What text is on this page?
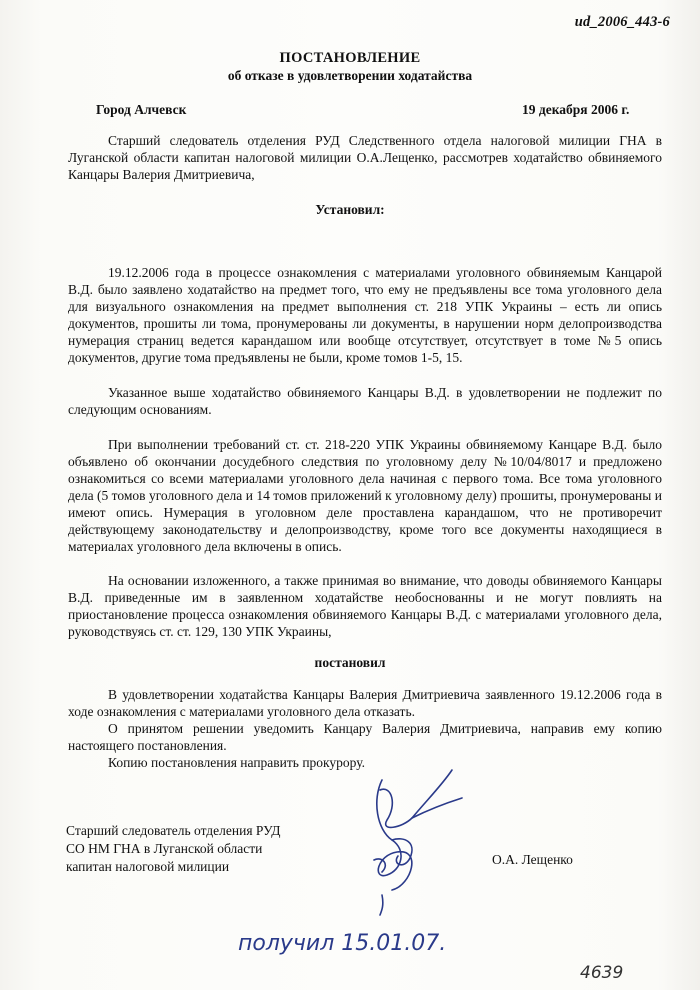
ud_2006_443-6
ПОСТАНОВЛЕНИЕ
об отказе в удовлетворении ходатайства
Город Алчевск	19 декабря 2006 г.
Старший следователь отделения РУД Следственного отдела налоговой милиции ГНА в Луганской области капитан налоговой милиции О.А.Лещенко, рассмотрев ходатайство обвиняемого Канцары Валерия Дмитриевича,
Установил:
19.12.2006 года в процессе ознакомления с материалами уголовного обвиняемым Канцарой В.Д. было заявлено ходатайство на предмет того, что ему не предъявлены все тома уголовного дела для визуального ознакомления на предмет выполнения ст. 218 УПК Украины – есть ли опись документов, прошиты ли тома, пронумерованы ли документы, в нарушении норм делопроизводства нумерация страниц ведется карандашом или вообще отсутствует, отсутствует в томе №5 опись документов, другие тома предъявлены не были, кроме томов 1-5, 15.
Указанное выше ходатайство обвиняемого Канцары В.Д. в удовлетворении не подлежит по следующим основаниям.
При выполнении требований ст. ст. 218-220 УПК Украины обвиняемому Канцаре В.Д. было объявлено об окончании досудебного следствия по уголовному делу №10/04/8017 и предложено ознакомиться со всеми материалами уголовного дела начиная с первого тома. Все тома уголовного дела (5 томов уголовного дела и 14 томов приложений к уголовному делу) прошиты, пронумерованы и имеют опись. Нумерация в уголовном деле проставлена карандашом, что не противоречит действующему законодательству и делопроизводству, кроме того все документы находящиеся в материалах уголовного дела включены в опись.
На основании изложенного, а также принимая во внимание, что доводы обвиняемого Канцары В.Д. приведенные им в заявленном ходатайстве необоснованны и не могут повлиять на приостановление процесса ознакомления обвиняемого Канцары В.Д. с материалами уголовного дела, руководствуясь ст. ст. 129, 130 УПК Украины,
постановил
В удовлетворении ходатайства Канцары Валерия Дмитриевича заявленного 19.12.2006 года в ходе ознакомления с материалами уголовного дела отказать.
О принятом решении уведомить Канцару Валерия Дмитриевича, направив ему копию настоящего постановления.
Копию постановления направить прокурору.
Старший следователь отделения РУД
СО НМ ГНА в Луганской области
капитан налоговой милиции	О.А. Лещенко
получил 15.01.07.
4639
